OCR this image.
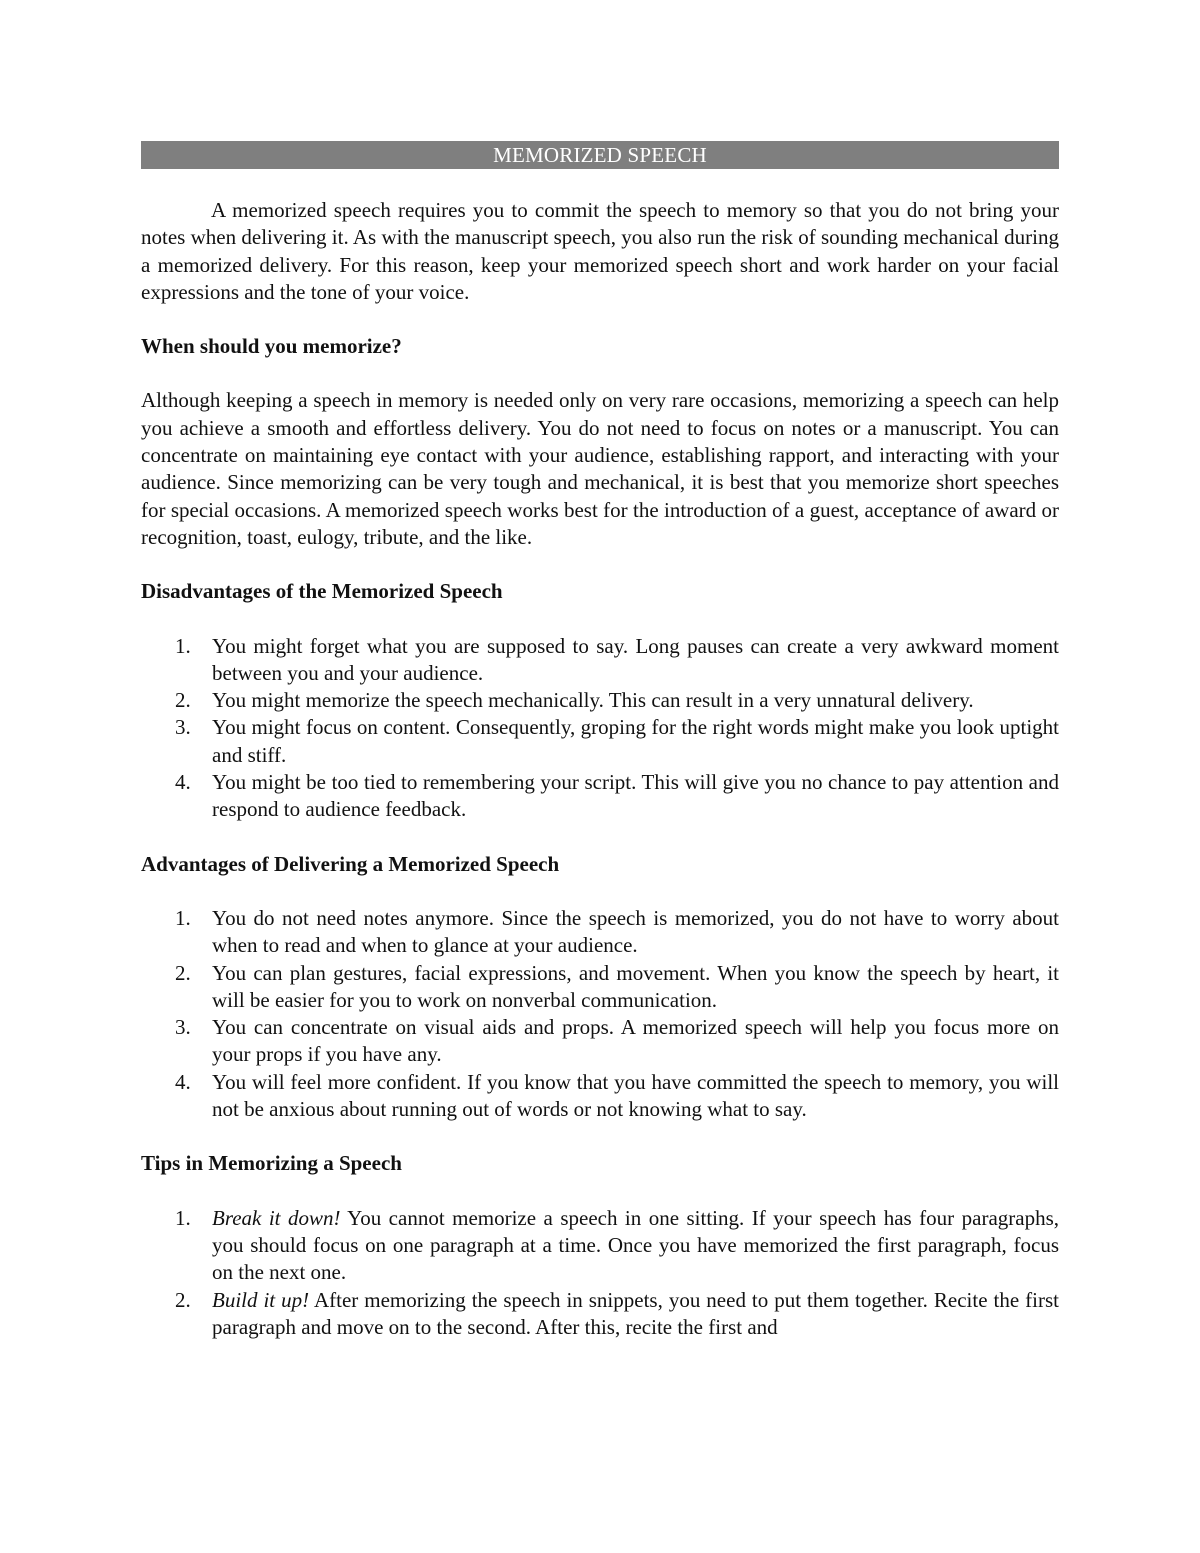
MEMORIZED SPEECH

A memorized speech requires you to commit the speech to memory so that you do not bring your notes when delivering it. As with the manuscript speech, you also run the risk of sounding mechanical during a memorized delivery. For this reason, keep your memorized speech short and work harder on your facial expressions and the tone of your voice.

When should you memorize?

Although keeping a speech in memory is needed only on very rare occasions, memorizing a speech can help you achieve a smooth and effortless delivery. You do not need to focus on notes or a manuscript. You can concentrate on maintaining eye contact with your audience, establishing rapport, and interacting with your audience. Since memorizing can be very tough and mechanical, it is best that you memorize short speeches for special occasions. A memorized speech works best for the introduction of a guest, acceptance of award or recognition, toast, eulogy, tribute, and the like.

Disadvantages of the Memorized Speech

1. You might forget what you are supposed to say. Long pauses can create a very awkward moment between you and your audience.
2. You might memorize the speech mechanically. This can result in a very unnatural delivery.
3. You might focus on content. Consequently, groping for the right words might make you look uptight and stiff.
4. You might be too tied to remembering your script. This will give you no chance to pay attention and respond to audience feedback.

Advantages of Delivering a Memorized Speech

1. You do not need notes anymore. Since the speech is memorized, you do not have to worry about when to read and when to glance at your audience.
2. You can plan gestures, facial expressions, and movement. When you know the speech by heart, it will be easier for you to work on nonverbal communication.
3. You can concentrate on visual aids and props. A memorized speech will help you focus more on your props if you have any.
4. You will feel more confident. If you know that you have committed the speech to memory, you will not be anxious about running out of words or not knowing what to say.

Tips in Memorizing a Speech

1. Break it down! You cannot memorize a speech in one sitting. If your speech has four paragraphs, you should focus on one paragraph at a time. Once you have memorized the first paragraph, focus on the next one.
2. Build it up! After memorizing the speech in snippets, you need to put them together. Recite the first paragraph and move on to the second. After this, recite the first and
